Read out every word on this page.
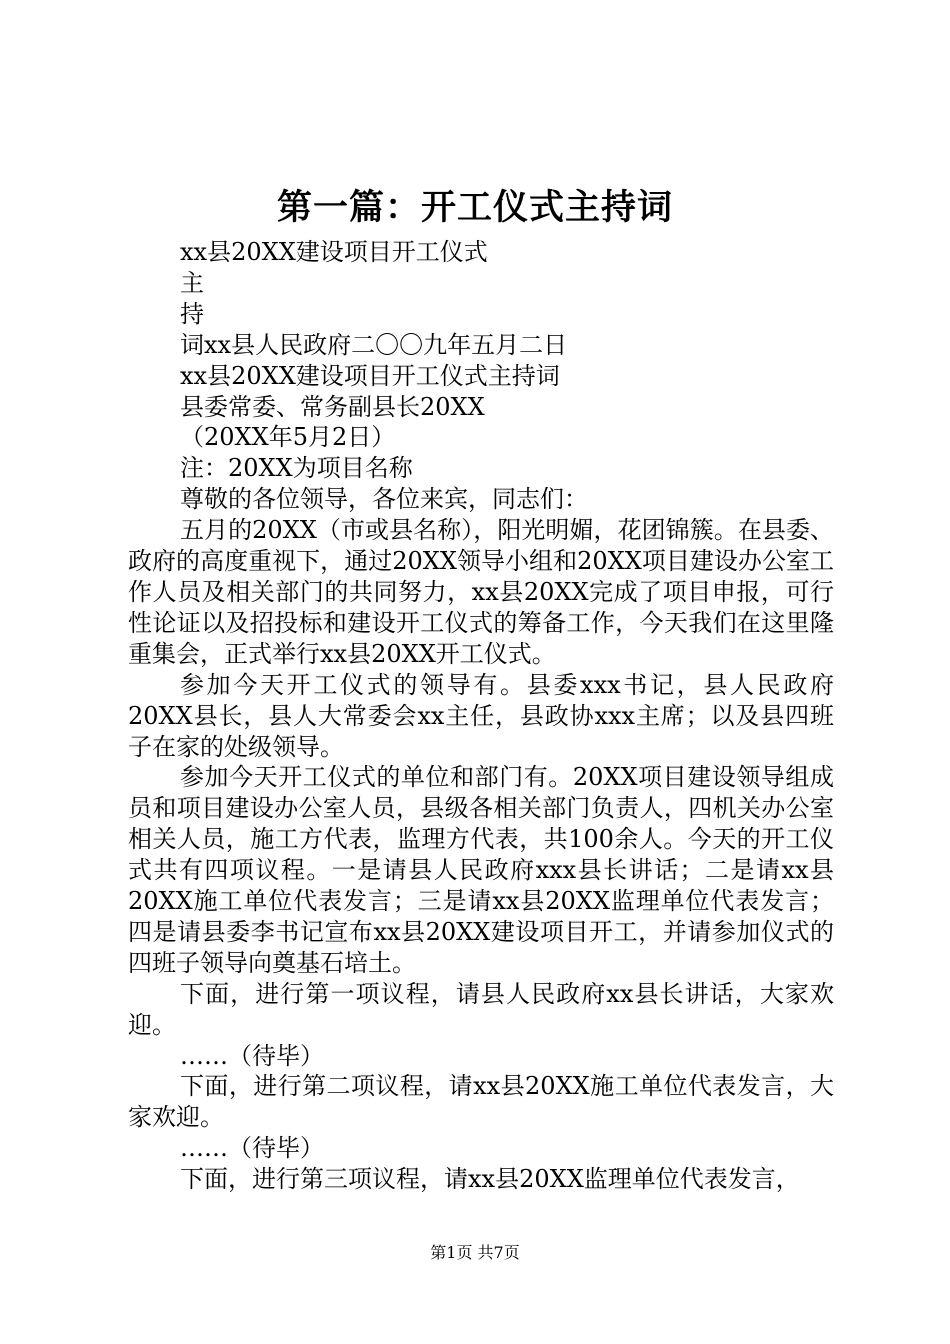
第一篇：开工仪式主持词
xx县20XX建设项目开工仪式
主
持
词xx县人民政府二〇〇九年五月二日
xx县20XX建设项目开工仪式主持词
县委常委、常务副县长20XX
（20XX年5月2日）
注：20XX为项目名称
尊敬的各位领导，各位来宾，同志们：

五月的20XX（市或县名称），阳光明媚，花团锦簇。在县委、政府的高度重视下，通过20XX领导小组和20XX项目建设办公室工作人员及相关部门的共同努力，xx县20XX完成了项目申报，可行性论证以及招投标和建设开工仪式的筹备工作，今天我们在这里隆重集会，正式举行xx县20XX开工仪式。

参加今天开工仪式的领导有。县委xxx书记，县人民政府20XX县长，县人大常委会xx主任，县政协xxx主席；以及县四班子在家的处级领导。

参加今天开工仪式的单位和部门有。20XX项目建设领导组成员和项目建设办公室人员，县级各相关部门负责人，四机关办公室相关人员，施工方代表，监理方代表，共100余人。今天的开工仪式共有四项议程。一是请县人民政府xxx县长讲话；二是请xx县20XX施工单位代表发言；三是请xx县20XX监理单位代表发言；四是请县委李书记宣布xx县20XX建设项目开工，并请参加仪式的四班子领导向奠基石培土。

下面，进行第一项议程，请县人民政府xx县长讲话，大家欢迎。

……（待毕）

下面，进行第二项议程，请xx县20XX施工单位代表发言，大家欢迎。

……（待毕）

下面，进行第三项议程，请xx县20XX监理单位代表发言，

第1页 共7页
